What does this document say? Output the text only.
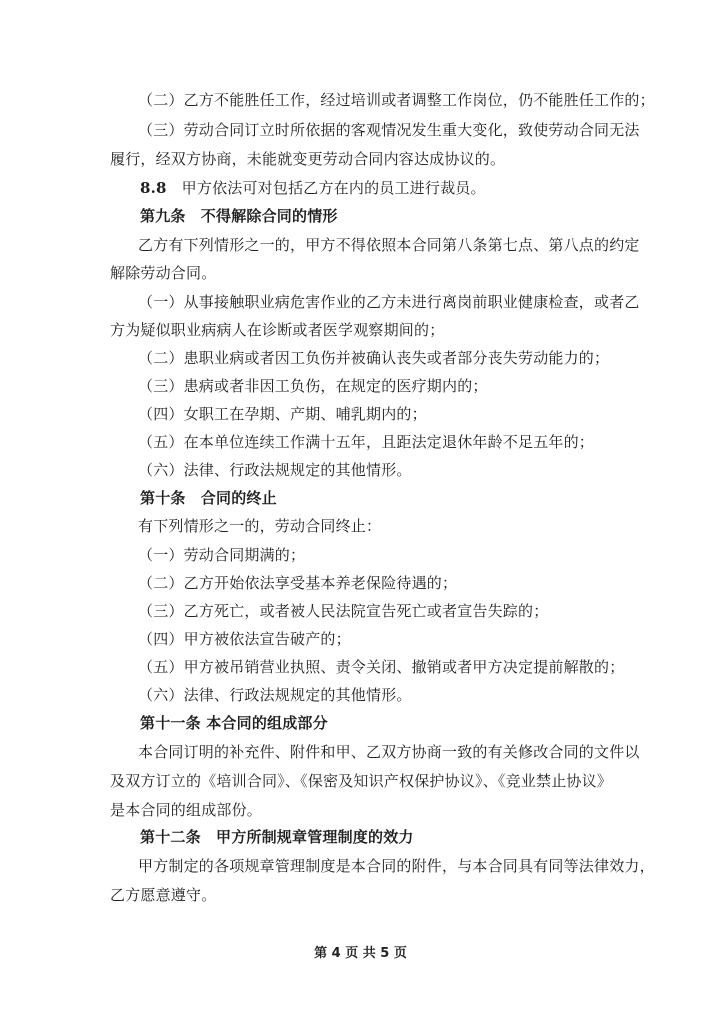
（二）乙方不能胜任工作，经过培训或者调整工作岗位，仍不能胜任工作的；
（三）劳动合同订立时所依据的客观情况发生重大变化，致使劳动合同无法
履行，经双方协商，未能就变更劳动合同内容达成协议的。
8.8 甲方依法可对包括乙方在内的员工进行裁员。
第九条　不得解除合同的情形
乙方有下列情形之一的，甲方不得依照本合同第八条第七点、第八点的约定
解除劳动合同。
（一）从事接触职业病危害作业的乙方未进行离岗前职业健康检查，或者乙
方为疑似职业病病人在诊断或者医学观察期间的；
（二）患职业病或者因工负伤并被确认丧失或者部分丧失劳动能力的；
（三）患病或者非因工负伤，在规定的医疗期内的；
（四）女职工在孕期、产期、哺乳期内的；
（五）在本单位连续工作满十五年，且距法定退休年龄不足五年的；
（六）法律、行政法规规定的其他情形。
第十条　合同的终止
有下列情形之一的，劳动合同终止：
（一）劳动合同期满的；
（二）乙方开始依法享受基本养老保险待遇的；
（三）乙方死亡，或者被人民法院宣告死亡或者宣告失踪的；
（四）甲方被依法宣告破产的；
（五）甲方被吊销营业执照、责令关闭、撤销或者甲方决定提前解散的；
（六）法律、行政法规规定的其他情形。
第十一条 本合同的组成部分
本合同订明的补充件、附件和甲、乙双方协商一致的有关修改合同的文件以
及双方订立的《培训合同》、《保密及知识产权保护协议》、《竞业禁止协议》
是本合同的组成部份。
第十二条　甲方所制规章管理制度的效力
甲方制定的各项规章管理制度是本合同的附件，与本合同具有同等法律效力，
乙方愿意遵守。
第 4 页 共 5 页
